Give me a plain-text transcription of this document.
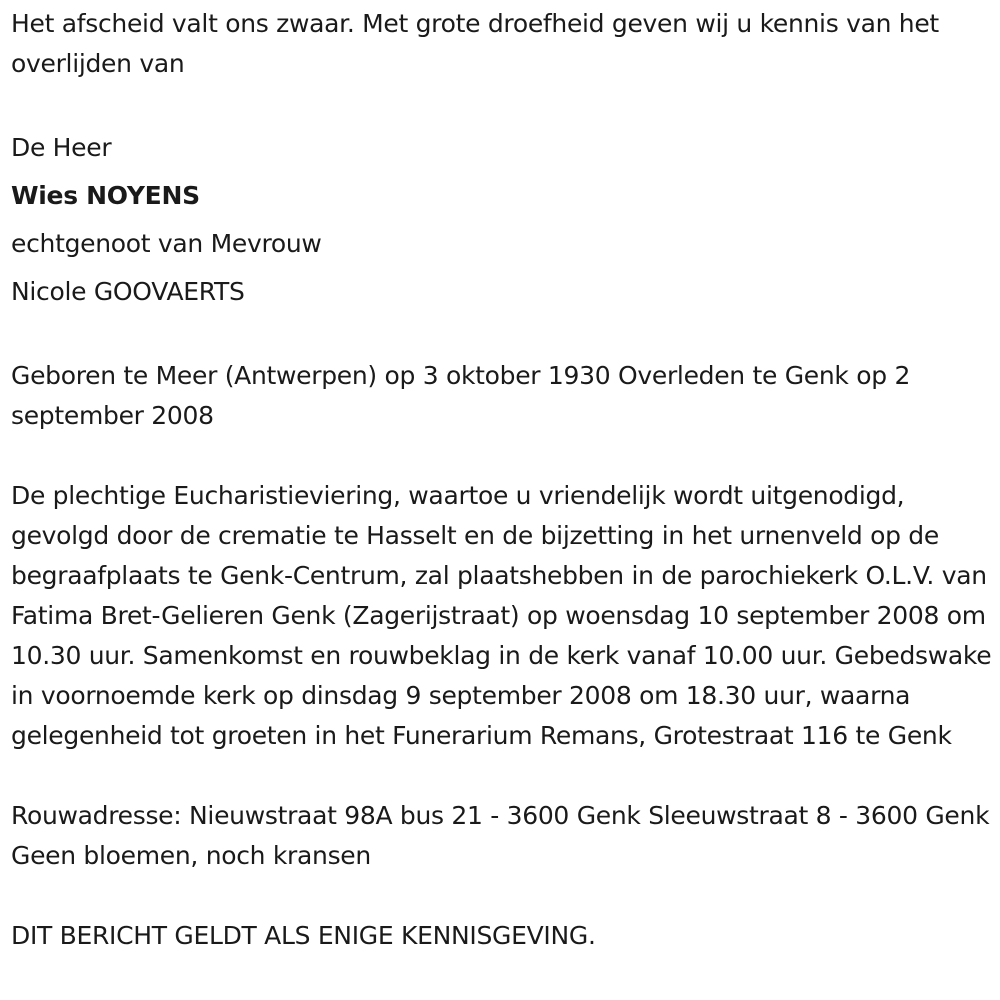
Het afscheid valt ons zwaar. Met grote droefheid geven wij u kennis van het overlijden van

De Heer

Wies NOYENS

echtgenoot van Mevrouw

Nicole GOOVAERTS

Geboren te Meer (Antwerpen) op 3 oktober 1930 Overleden te Genk op 2 september 2008

De plechtige Eucharistieviering, waartoe u vriendelijk wordt uitgenodigd, gevolgd door de crematie te Hasselt en de bijzetting in het urnenveld op de begraafplaats te Genk-Centrum, zal plaatshebben in de parochiekerk O.L.V. van Fatima Bret-Gelieren Genk (Zagerijstraat) op woensdag 10 september 2008 om 10.30 uur. Samenkomst en rouwbeklag in de kerk vanaf 10.00 uur. Gebedswake in voornoemde kerk op dinsdag 9 september 2008 om 18.30 uur, waarna gelegenheid tot groeten in het Funerarium Remans, Grotestraat 116 te Genk

Rouwadresse: Nieuwstraat 98A bus 21 - 3600 Genk Sleeuwstraat 8 - 3600 Genk Geen bloemen, noch kransen

DIT BERICHT GELDT ALS ENIGE KENNISGEVING.
